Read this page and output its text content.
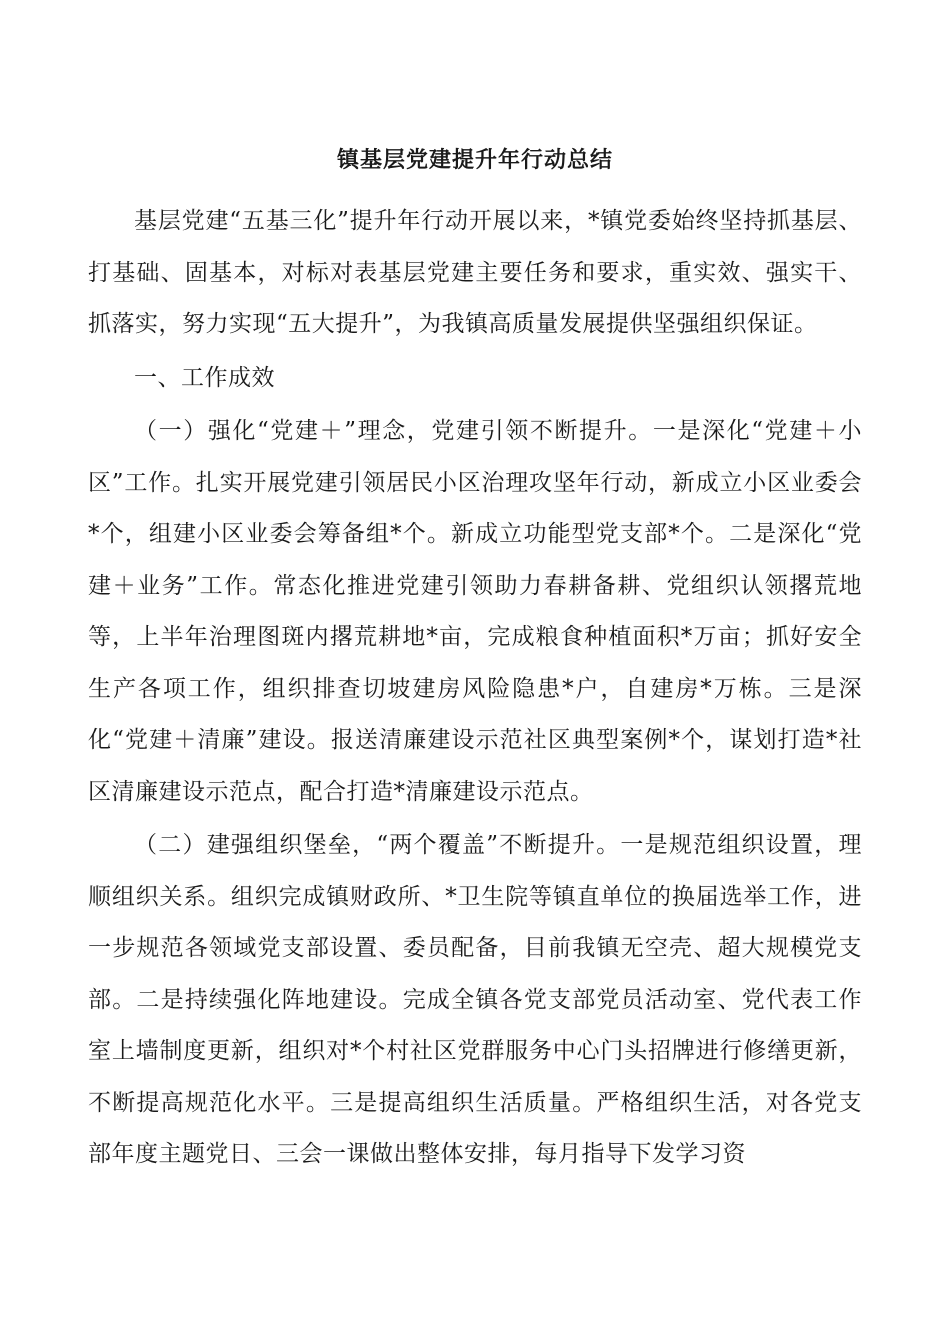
镇基层党建提升年行动总结

基层党建“五基三化”提升年行动开展以来，*镇党委始终坚持抓基层、打基础、固基本，对标对表基层党建主要任务和要求，重实效、强实干、抓落实，努力实现“五大提升”，为我镇高质量发展提供坚强组织保证。

一、工作成效

（一）强化“党建＋”理念，党建引领不断提升。一是深化“党建＋小区”工作。扎实开展党建引领居民小区治理攻坚年行动，新成立小区业委会*个，组建小区业委会筹备组*个。新成立功能型党支部*个。二是深化“党建＋业务”工作。常态化推进党建引领助力春耕备耕、党组织认领撂荒地等，上半年治理图斑内撂荒耕地*亩，完成粮食种植面积*万亩；抓好安全生产各项工作，组织排查切坡建房风险隐患*户，自建房*万栋。三是深化“党建＋清廉”建设。报送清廉建设示范社区典型案例*个，谋划打造*社区清廉建设示范点，配合打造*清廉建设示范点。

（二）建强组织堡垒，“两个覆盖”不断提升。一是规范组织设置，理顺组织关系。组织完成镇财政所、*卫生院等镇直单位的换届选举工作，进一步规范各领域党支部设置、委员配备，目前我镇无空壳、超大规模党支部。二是持续强化阵地建设。完成全镇各党支部党员活动室、党代表工作室上墙制度更新，组织对*个村社区党群服务中心门头招牌进行修缮更新，不断提高规范化水平。三是提高组织生活质量。严格组织生活，对各党支部年度主题党日、三会一课做出整体安排，每月指导下发学习资
